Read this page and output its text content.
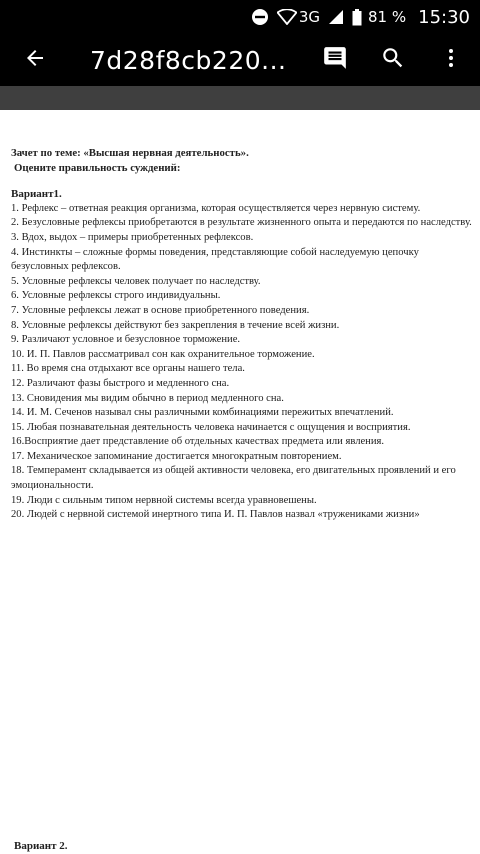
3G	81 % 15:30
7d28f8cb220...
Зачет по теме: «Высшая нервная деятельность».
Оцените правильность суждений:
Вариант1.
1. Рефлекс – ответная реакция организма, которая осуществляется через нервную систему.
2. Безусловные рефлексы приобретаются в результате жизненного опыта и передаются по наследству.
3. Вдох, выдох – примеры приобретенных рефлексов.
4. Инстинкты – сложные формы поведения, представляющие собой наследуемую цепочку безусловных рефлексов.
5. Условные рефлексы человек получает по наследству.
6. Условные рефлексы строго индивидуальны.
7. Условные рефлексы лежат в основе приобретенного поведения.
8. Условные рефлексы действуют без закрепления в течение всей жизни.
9. Различают условное и безусловное торможение.
10. И. П. Павлов рассматривал сон как охранительное торможение.
11. Во время сна отдыхают все органы нашего тела.
12. Различают фазы быстрого и медленного сна.
13. Сновидения мы видим обычно в период медленного сна.
14. И. М. Сеченов называл сны различными комбинациями пережитых впечатлений.
15. Любая познавательная деятельность человека начинается с ощущения и восприятия.
16.Восприятие дает представление об отдельных качествах предмета или явления.
17. Механическое запоминание достигается многократным повторением.
18. Темперамент складывается из общей активности человека, его двигательных проявлений и его эмоциональности.
19. Люди с сильным типом нервной системы всегда уравновешены.
20. Людей с нервной системой инертного типа И. П. Павлов назвал «тружениками жизни»
Вариант 2.
